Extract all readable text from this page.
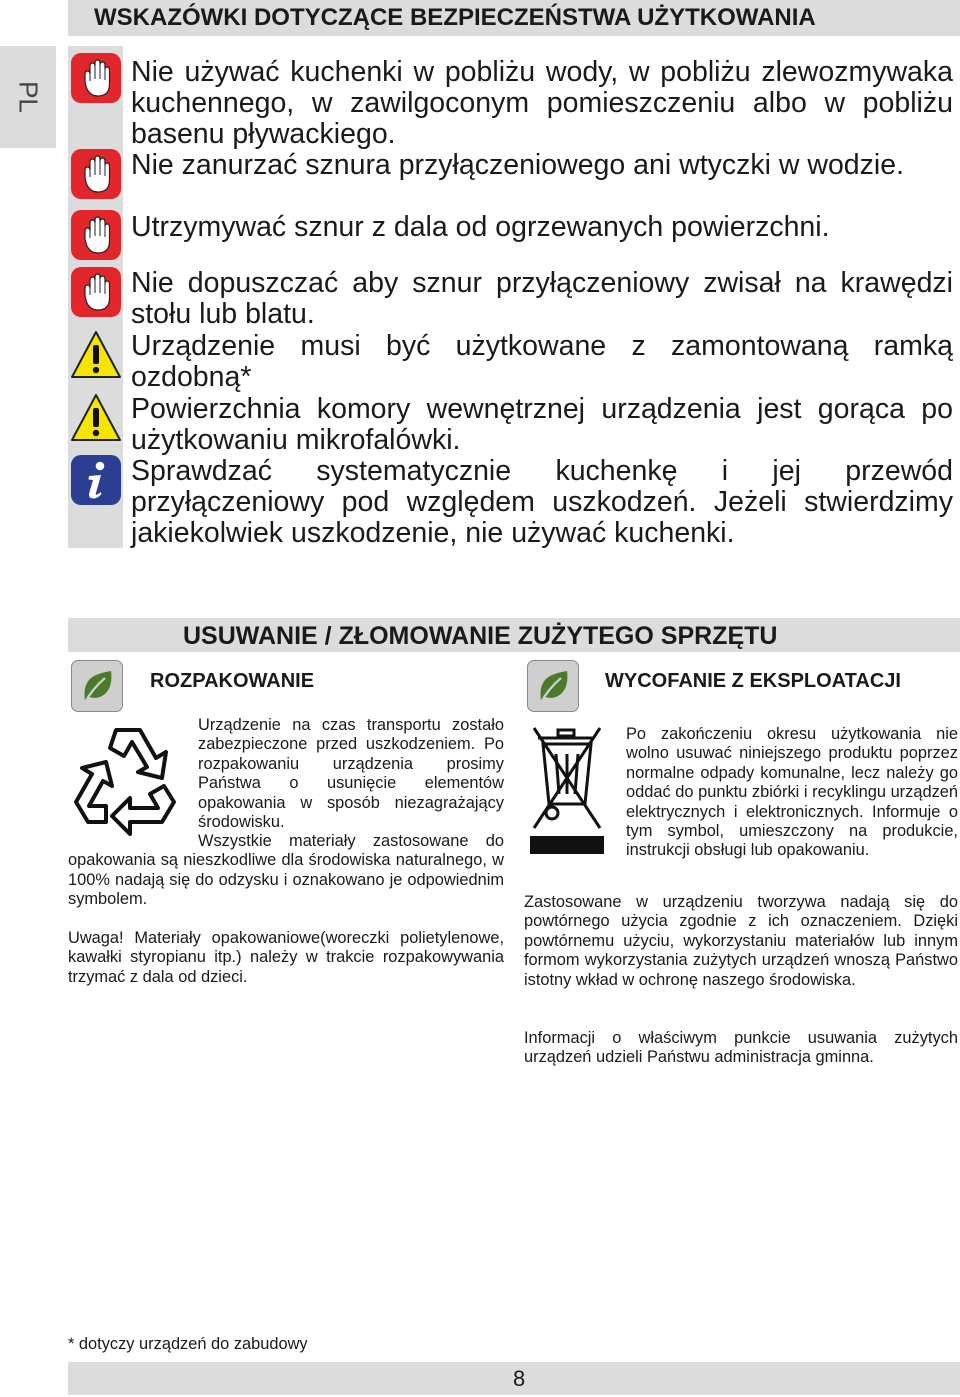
WSKAZÓWKI DOTYCZĄCE BEZPIECZEŃSTWA UŻYTKOWANIA
PL
Nie używać kuchenki w pobliżu wody, w pobliżu zlewozmywaka kuchennego, w zawilgoconym pomieszczeniu albo w pobliżu basenu pływackiego.
Nie zanurzać sznura przyłączeniowego ani wtyczki w wodzie.
Utrzymywać sznur z dala od ogrzewanych powierzchni.
Nie dopuszczać aby sznur przyłączeniowy zwisał na krawędzi stołu lub blatu.
Urządzenie musi być użytkowane z zamontowaną ramką ozdobną*
Powierzchnia komory wewnętrznej urządzenia jest gorąca po użytkowaniu mikrofalówki.
Sprawdzać systematycznie kuchenkę i jej przewód przyłączeniowy pod względem uszkodzeń. Jeżeli stwierdzimy jakiekolwiek uszkodzenie, nie używać kuchenki.
USUWANIE / ZŁOMOWANIE ZUŻYTEGO SPRZĘTU
ROZPAKOWANIE	WYCOFANIE Z EKSPLOATACJI

Urządzenie na czas transportu zostało zabezpieczone przed uszkodzeniem. Po rozpakowaniu urządzenia prosimy Państwa o usunięcie elementów opakowania w sposób niezagrażający środowisku.

Wszystkie materiały zastosowane do opakowania są nieszkodliwe dla środowiska naturalnego, w 100% nadają się do odzysku i oznakowano je odpowiednim symbolem.

Uwaga! Materiały opakowaniowe(woreczki polietylenowe, kawałki styropianu itp.) należy w trakcie rozpakowywania trzymać z dala od dzieci.

Po zakończeniu okresu użytkowania nie wolno usuwać niniejszego produktu poprzez normalne odpady komunalne, lecz należy go oddać do punktu zbiórki i recyklingu urządzeń elektrycznych i elektronicznych. Informuje o tym symbol, umieszczony na produkcie, instrukcji obsługi lub opakowaniu.

Zastosowane w urządzeniu tworzywa nadają się do powtórnego użycia zgodnie z ich oznaczeniem. Dzięki powtórnemu użyciu, wykorzystaniu materiałów lub innym formom wykorzystania zużytych urządzeń wnoszą Państwo istotny wkład w ochronę naszego środowiska.

Informacji o właściwym punkcie usuwania zużytych urządzeń udzieli Państwu administracja gminna.

* dotyczy urządzeń do zabudowy
8
